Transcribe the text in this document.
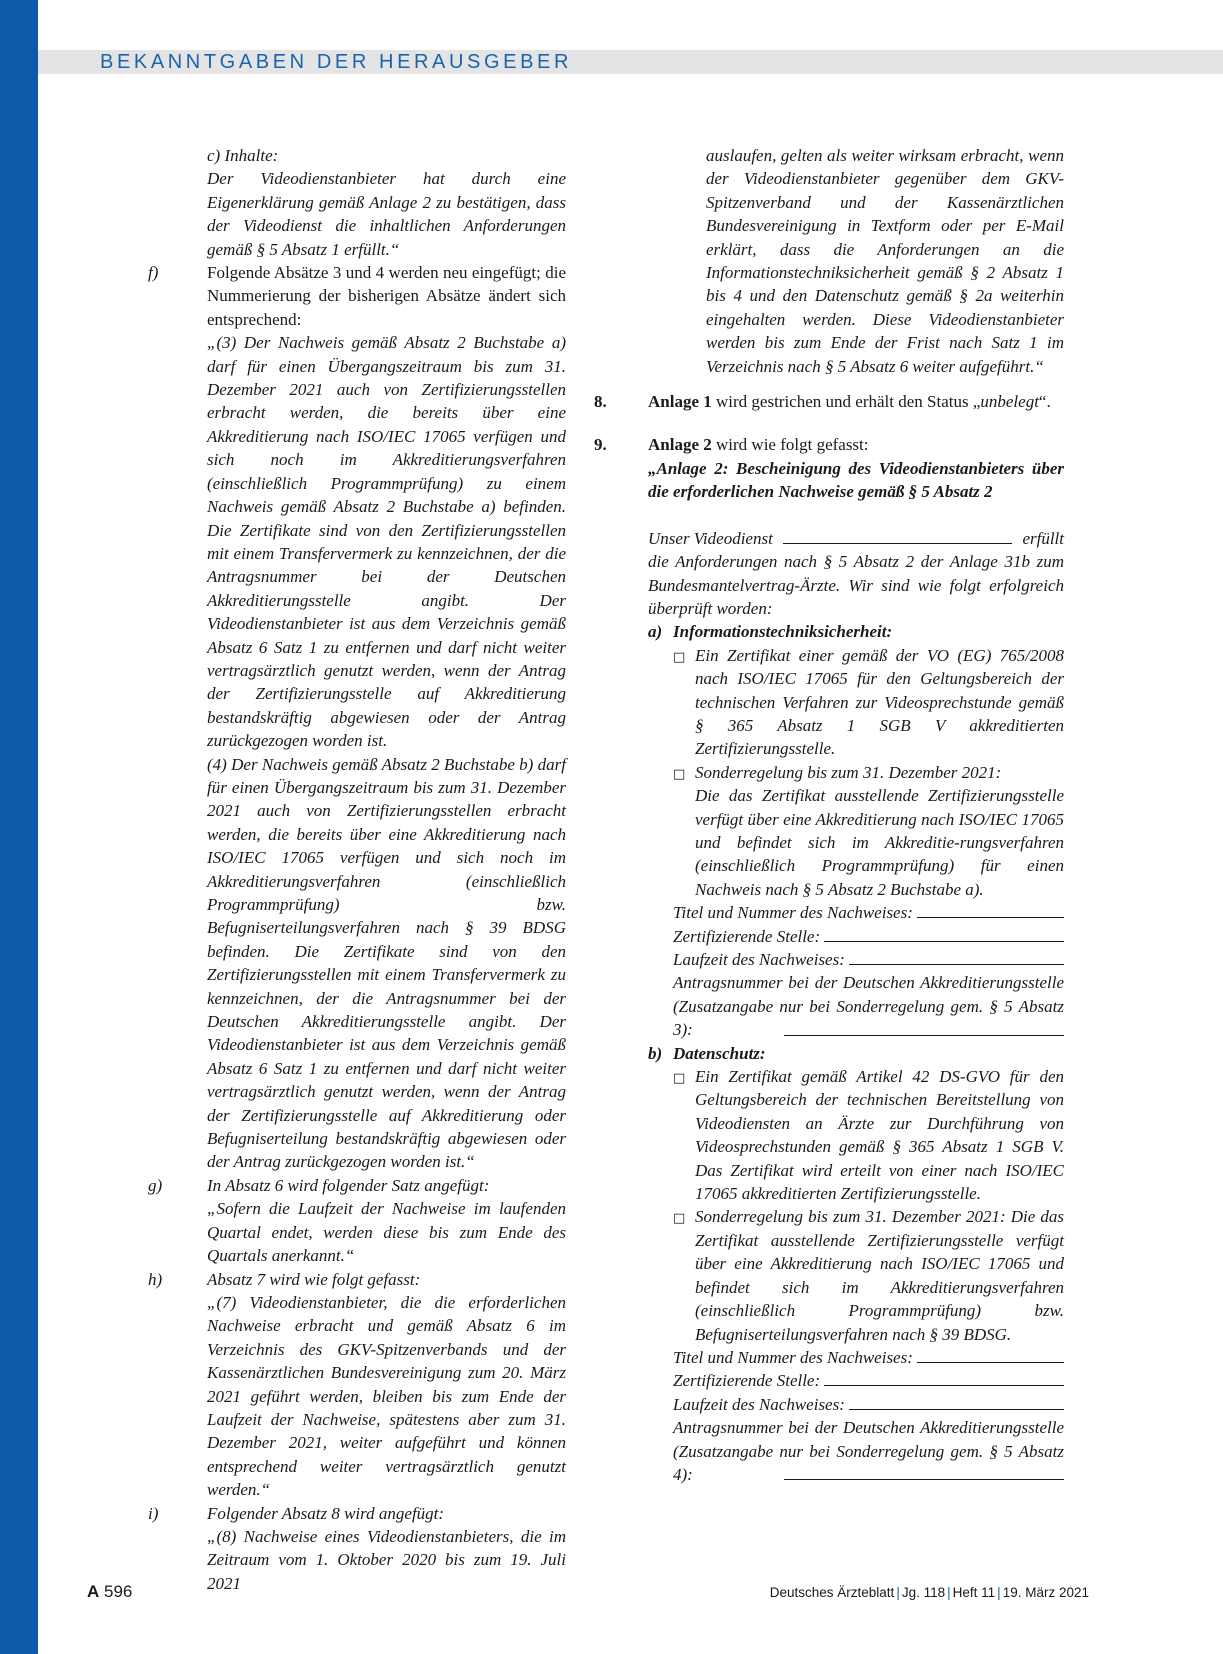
BEKANNTGABEN DER HERAUSGEBER

c) Inhalte:

Der Videodienstanbieter hat durch eine Eigenerklärung gemäß Anlage 2 zu bestätigen, dass der Videodienst die inhaltlichen Anforderungen gemäß § 5 Absatz 1 erfüllt.“

f)	Folgende Absätze 3 und 4 werden neu eingefügt; die Nummerierung der bisherigen Absätze ändert sich entsprechend:

„(3) Der Nachweis gemäß Absatz 2 Buchstabe a) darf für einen Übergangszeitraum bis zum 31. Dezember 2021 auch von Zertifizierungsstellen erbracht werden, die bereits über eine Akkreditierung nach ISO/IEC 17065 verfügen und sich noch im Akkreditierungsverfahren (einschließlich Programmprüfung) zu einem Nachweis gemäß Absatz 2 Buchstabe a) befinden. Die Zertifikate sind von den Zertifizierungsstellen mit einem Transfervermerk zu kennzeichnen, der die Antragsnummer bei der Deutschen Akkreditierungsstelle angibt. Der Videodienstanbieter ist aus dem Verzeichnis gemäß Absatz 6 Satz 1 zu entfernen und darf nicht weiter vertragsärztlich genutzt werden, wenn der Antrag der Zertifizierungsstelle auf Akkreditierung bestandskräftig abgewiesen oder der Antrag zurückgezogen worden ist.

(4) Der Nachweis gemäß Absatz 2 Buchstabe b) darf für einen Übergangszeitraum bis zum 31. Dezember 2021 auch von Zertifizierungsstellen erbracht werden, die bereits über eine Akkreditierung nach ISO/IEC 17065 verfügen und sich noch im Akkreditierungsverfahren (einschließlich Programmprüfung) bzw. Befugniserteilungsverfahren nach § 39 BDSG befinden. Die Zertifikate sind von den Zertifizierungsstellen mit einem Transfervermerk zu kennzeichnen, der die Antragsnummer bei der Deutschen Akkreditierungsstelle angibt. Der Videodienstanbieter ist aus dem Verzeichnis gemäß Absatz 6 Satz 1 zu entfernen und darf nicht weiter vertragsärztlich genutzt werden, wenn der Antrag der Zertifizierungsstelle auf Akkreditierung oder Befugniserteilung bestandskräftig abgewiesen oder der Antrag zurückgezogen worden ist.“

g)	In Absatz 6 wird folgender Satz angefügt:

„Sofern die Laufzeit der Nachweise im laufenden Quartal endet, werden diese bis zum Ende des Quartals anerkannt.“

h)	Absatz 7 wird wie folgt gefasst:

„(7) Videodienstanbieter, die die erforderlichen Nachweise erbracht und gemäß Absatz 6 im Verzeichnis des GKV-Spitzenverbands und der Kassenärztlichen Bundesvereinigung zum 20. März 2021 geführt werden, bleiben bis zum Ende der Laufzeit der Nachweise, spätestens aber zum 31. Dezember 2021, weiter aufgeführt und können entsprechend weiter vertragsärztlich genutzt werden.“

i)	Folgender Absatz 8 wird angefügt:

„(8) Nachweise eines Videodienstanbieters, die im Zeitraum vom 1. Oktober 2020 bis zum 19. Juli 2021

auslaufen, gelten als weiter wirksam erbracht, wenn der Videodienstanbieter gegenüber dem GKV-Spitzenverband und der Kassenärztlichen Bundesvereinigung in Textform oder per E-Mail erklärt, dass die Anforderungen an die Informationstechniksicherheit gemäß § 2 Absatz 1 bis 4 und den Datenschutz gemäß § 2a weiterhin eingehalten werden. Diese Videodienstanbieter werden bis zum Ende der Frist nach Satz 1 im Verzeichnis nach § 5 Absatz 6 weiter aufgeführt.“

8. Anlage 1 wird gestrichen und erhält den Status „unbelegt“.

9. Anlage 2 wird wie folgt gefasst:

„Anlage 2: Bescheinigung des Videodienstanbieters über die erforderlichen Nachweise gemäß § 5 Absatz 2

Unser Videodienst	erfüllt

die Anforderungen nach § 5 Absatz 2 der Anlage 31b zum Bundesmantelvertrag-Ärzte. Wir sind wie folgt erfolgreich überprüft worden:

a) Informationstechniksicherheit:

□ Ein Zertifikat einer gemäß der VO (EG) 765/2008 nach ISO/IEC 17065 für den Geltungsbereich der technischen Verfahren zur Videosprechstunde gemäß § 365 Absatz 1 SGB V akkreditierten Zertifizierungsstelle.

□ Sonderregelung bis zum 31. Dezember 2021:

Die das Zertifikat ausstellende Zertifizierungsstelle verfügt über eine Akkreditierung nach ISO/IEC 17065 und befindet sich im Akkreditie-rungsverfahren (einschließlich Programmprüfung) für einen Nachweis nach § 5 Absatz 2 Buchstabe a).

Titel und Nummer des Nachweises:

Zertifizierende Stelle:

Laufzeit des Nachweises:

Antragsnummer bei der Deutschen Akkreditierungsstelle (Zusatzangabe nur bei Sonderregelung gem. § 5 Absatz 3):

b) Datenschutz:

□ Ein Zertifikat gemäß Artikel 42 DS-GVO für den Geltungsbereich der technischen Bereitstellung von Videodiensten an Ärzte zur Durchführung von Videosprechstunden gemäß § 365 Absatz 1 SGB V. Das Zertifikat wird erteilt von einer nach ISO/IEC 17065 akkreditierten Zertifizierungsstelle.

□ Sonderregelung bis zum 31. Dezember 2021: Die das Zertifikat ausstellende Zertifizierungsstelle verfügt über eine Akkreditierung nach ISO/IEC 17065 und befindet sich im Akkreditierungsverfahren (einschließlich Programmprüfung) bzw. Befugniserteilungsverfahren nach § 39 BDSG.

Titel und Nummer des Nachweises:

Zertifizierende Stelle:

Laufzeit des Nachweises:

Antragsnummer bei der Deutschen Akkreditierungsstelle (Zusatzangabe nur bei Sonderregelung gem. § 5 Absatz 4):

A 596	Deutsches Ärzteblatt | Jg. 118 | Heft 11 | 19. März 2021
